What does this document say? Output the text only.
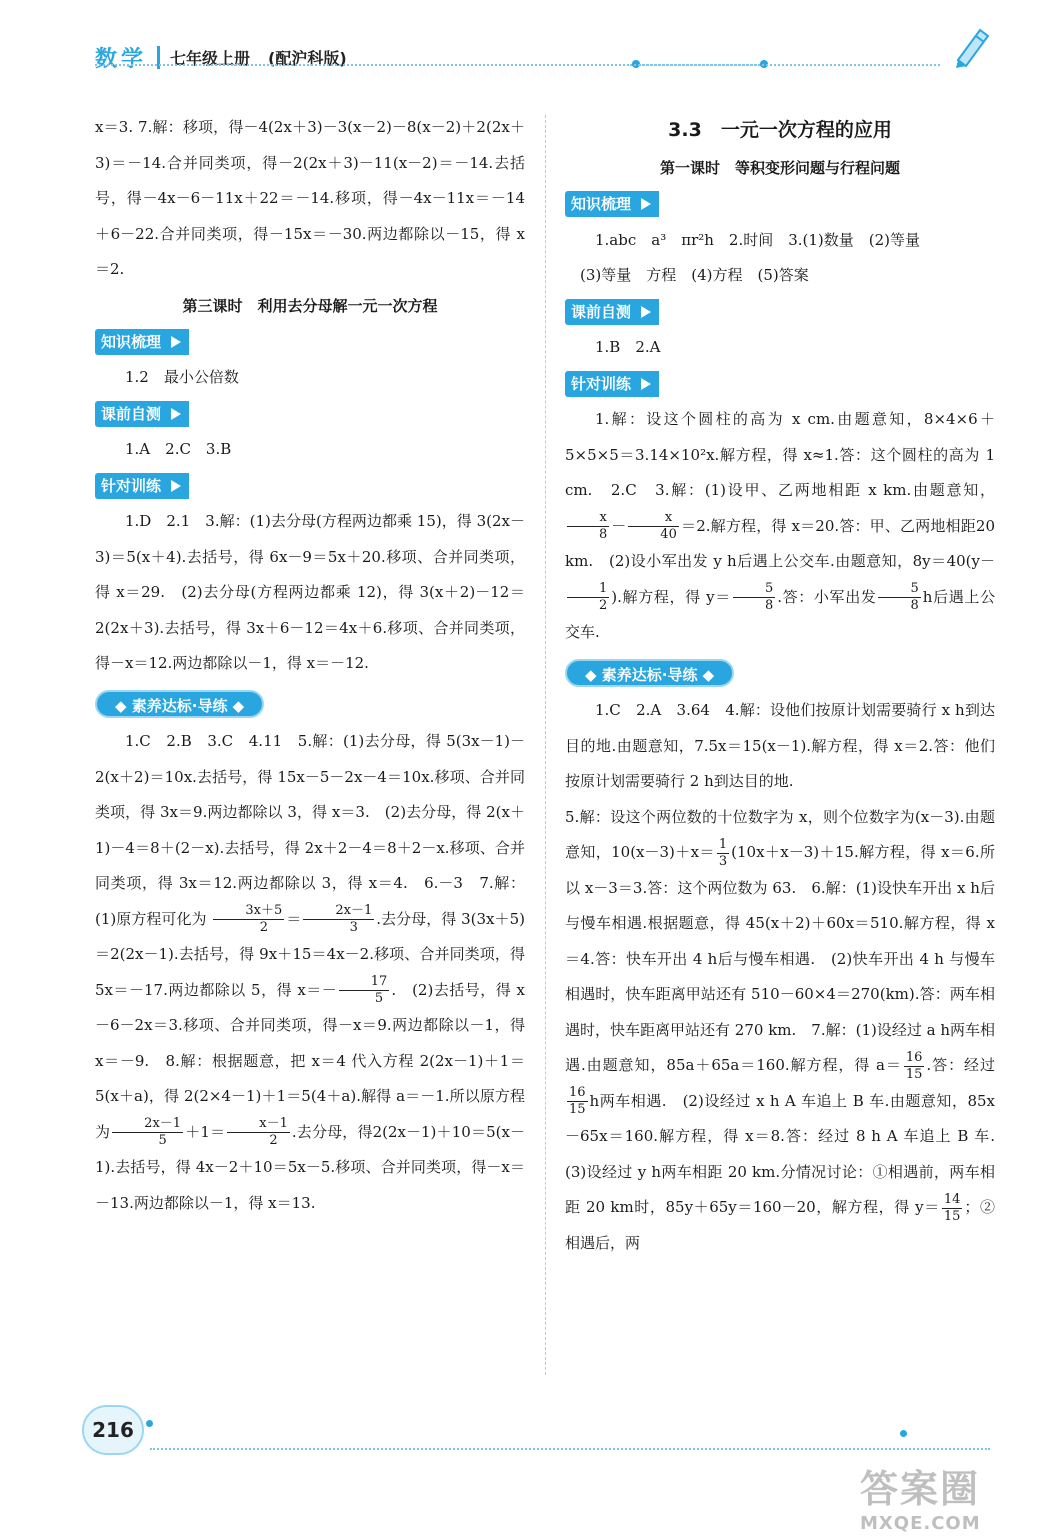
数学	七年级上册	(配沪科版)

x＝3. 7.解：移项，得－4(2x＋3)－3(x－2)－8(x－2)＋2(2x＋3)＝－14.合并同类项，得－2(2x＋3)－11(x－2)＝－14.去括号，得－4x－6－11x＋22＝－14.移项，得－4x－11x＝－14＋6－22.合并同类项，得－15x＝－30.两边都除以－15，得 x＝2.

第三课时　利用去分母解一元一次方程
知识梳理

1.2　最小公倍数

课前自测

1.A　2.C　3.B

针对训练

1.D　2.1　3.解：(1)去分母(方程两边都乘 15)，得 3(2x－3)＝5(x＋4).去括号，得 6x－9＝5x＋20.移项、合并同类项，得 x＝29.　(2)去分母(方程两边都乘 12)，得 3(x＋2)－12＝2(2x＋3).去括号，得 3x＋6－12＝4x＋6.移项、合并同类项，得－x＝12.两边都除以－1，得 x＝－12.

◆ 素养达标·导练 ◆

1.C　2.B　3.C　4.11　5.解：(1)去分母，得 5(3x－1)－2(x＋2)＝10x.去括号，得 15x－5－2x－4＝10x.移项、合并同类项，得 3x＝9.两边都除以 3，得 x＝3.　(2)去分母，得 2(x＋1)－4＝8＋(2－x).去括号，得 2x＋2－4＝8＋2－x.移项、合并同类项，得 3x＝12.两边都除以 3，得 x＝4.　6.－3　7.解：(1)原方程可化为 $\frac{3x+5}{2} = \frac{2x-1}{3}$ .去分母，得 3(3x＋5)＝2(2x－1).去括号，得 9x＋15＝4x－2.移项、合并同类项，得 5x＝－17.两边都除以 5，得 $x=- \frac{17}{5}$ .　(2)去括号，得 x－6－2x＝3.移项、合并同类项，得－x＝9.两边都除以－1，得 x＝－9.　8.解：根据题意，把 x＝4 代入方程 2(2x－1)＋1＝5(x＋a)，得 2(2×4－1)＋1＝5(4＋a).解得 a＝－1.所以原方程为 $\frac{2x-1}{5} +1= \frac{x-1}{2}$ .去分母，得2(2x－1)＋10＝5(x－1).去括号，得 4x－2＋10＝5x－5.移项、合并同类项，得－x＝－13.两边都除以－1，得 x＝13.

3.3　一元一次方程的应用
第一课时　等积变形问题与行程问题
知识梳理

1.abc　a³　πr²h　2.时间　3.(1)数量　(2)等量

(3)等量　方程　(4)方程　(5)答案

课前自测

1.B　2.A

针对训练

1.解：设这个圆柱的高为 x cm.由题意知，8×4×6＋5×5×5＝3.14×10²x.解方程，得 x≈1.答：这个圆柱的高为 1 cm.　2.C　3.解：(1)设甲、乙两地相距 x km.由题意知，
$\frac{x}{8} - \frac{x}{40} =2$.解方程，得 x＝20.答：甲、乙两地相距20 km.　(2)设小军出发 y h后遇上公交车.由题意知，8y＝40(y－
$\frac{1}{2}$ ).解方程，得 $y= \frac{5}{8}$ .答：小军出发 $\frac{5}{8}$ h后遇上公交车.

◆ 素养达标·导练 ◆

1.C　2.A　3.64　4.解：设他们按原计划需要骑行 x h到达目的地.由题意知，7.5x＝15(x－1).解方程，得 x＝2.答：他们按原计划需要骑行 2 h到达目的地.

5.解：设这个两位数的十位数字为 x，则个位数字为(x－3).由题意知，$10(x-3)+x= \frac{1}{3} (10x+x-3)+15$.解方程，得 x＝6.所以 x－3＝3.答：这个两位数为 63.　6.解：(1)设快车开出 x h后与慢车相遇.根据题意，得 45(x＋2)＋60x＝510.解方程，得 x＝4.答：快车开出 4 h后与慢车相遇.　(2)快车开出 4 h 与慢车相遇时，快车距离甲站还有 510－60×4＝270(km).答：两车相遇时，快车距离甲站还有 270 km.　7.解：(1)设经过 a h两车相遇.由题意知，85a＋65a＝160.解方程，得 $a= \frac{16}{15}$ .答：经过
$\frac{16}{15}$ h两车相遇.　(2)设经过 x h A 车追上 B 车.由题意知，85x－65x＝160.解方程，得 x＝8.答：经过 8 h A 车追上 B 车.　(3)设经过 y h两车相距 20 km.分情况讨论：①相遇前，两车相距 20 km时，85y＋65y＝160－20，解方程，得 $y= \frac{14}{15}$ ；②相遇后，两

216
答案圈
MXQE.COM
